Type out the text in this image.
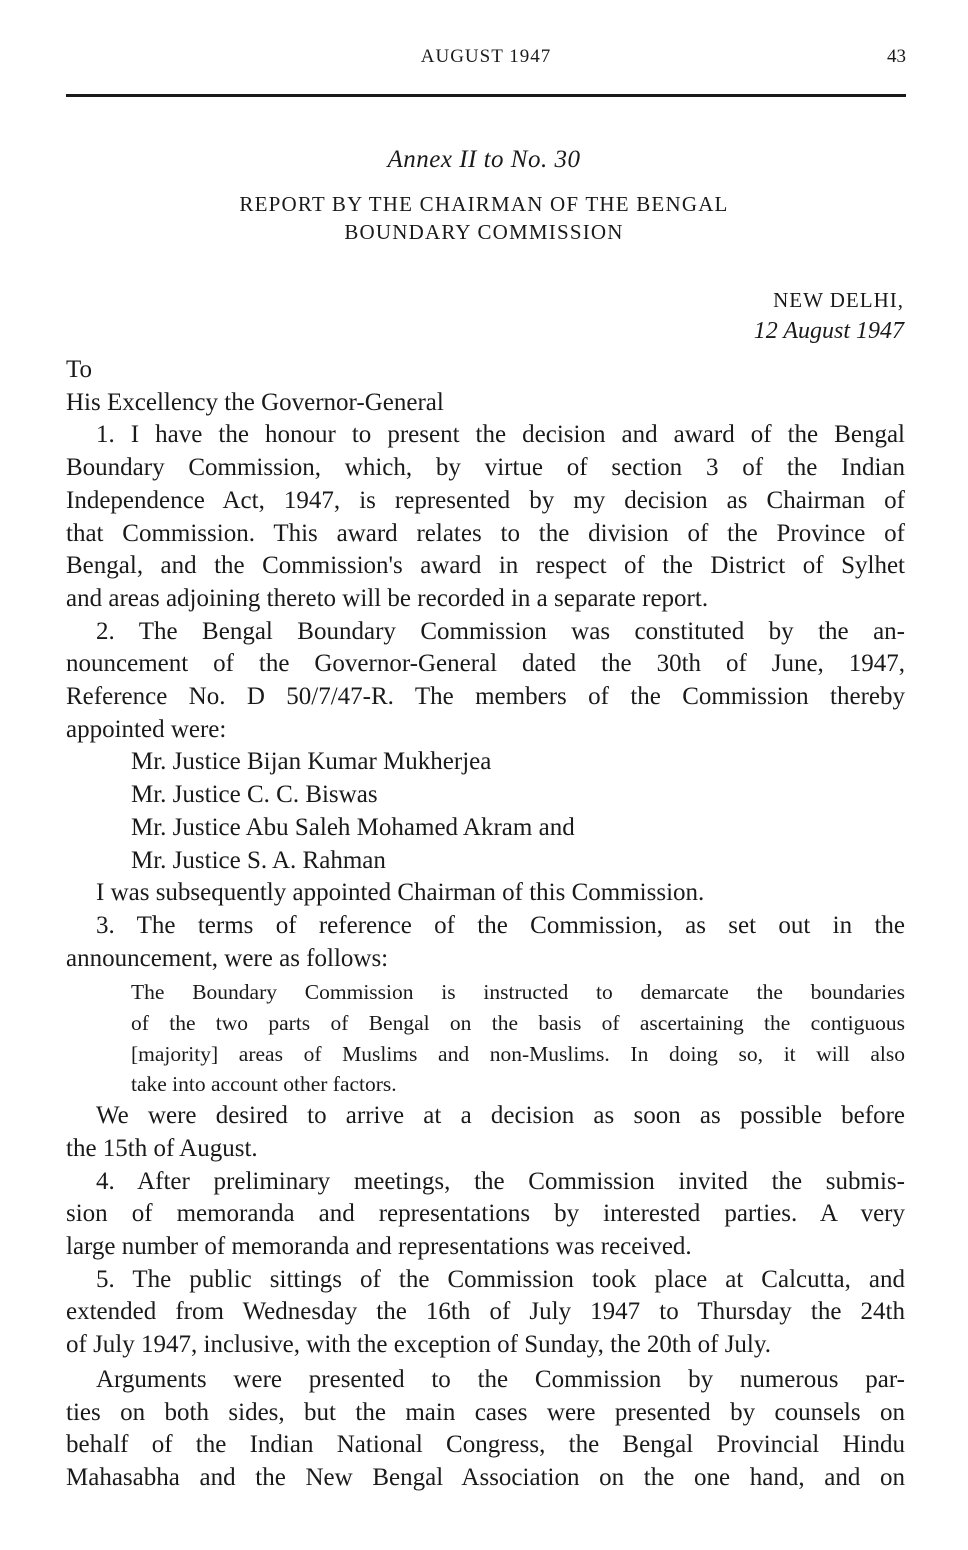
AUGUST 1947	43
Annex II to No. 30
REPORT BY THE CHAIRMAN OF THE BENGAL
BOUNDARY COMMISSION
NEW DELHI,
12 August 1947
To
His Excellency the Governor-General
1. I have the honour to present the decision and award of the Bengal
Boundary Commission, which, by virtue of section 3 of the Indian
Independence Act, 1947, is represented by my decision as Chairman of
that Commission. This award relates to the division of the Province of
Bengal, and the Commission's award in respect of the District of Sylhet
and areas adjoining thereto will be recorded in a separate report.
2. The Bengal Boundary Commission was constituted by the an-
nouncement of the Governor-General dated the 30th of June, 1947,
Reference No. D 50/7/47-R. The members of the Commission thereby
appointed were:
Mr. Justice Bijan Kumar Mukherjea
Mr. Justice C. C. Biswas
Mr. Justice Abu Saleh Mohamed Akram and
Mr. Justice S. A. Rahman
I was subsequently appointed Chairman of this Commission.
3. The terms of reference of the Commission, as set out in the
announcement, were as follows:
The Boundary Commission is instructed to demarcate the boundaries
of the two parts of Bengal on the basis of ascertaining the contiguous
[majority] areas of Muslims and non-Muslims. In doing so, it will also
take into account other factors.
We were desired to arrive at a decision as soon as possible before
the 15th of August.
4. After preliminary meetings, the Commission invited the submis-
sion of memoranda and representations by interested parties. A very
large number of memoranda and representations was received.
5. The public sittings of the Commission took place at Calcutta, and
extended from Wednesday the 16th of July 1947 to Thursday the 24th
of July 1947, inclusive, with the exception of Sunday, the 20th of July.
Arguments were presented to the Commission by numerous par-
ties on both sides, but the main cases were presented by counsels on
behalf of the Indian National Congress, the Bengal Provincial Hindu
Mahasabha and the New Bengal Association on the one hand, and on
